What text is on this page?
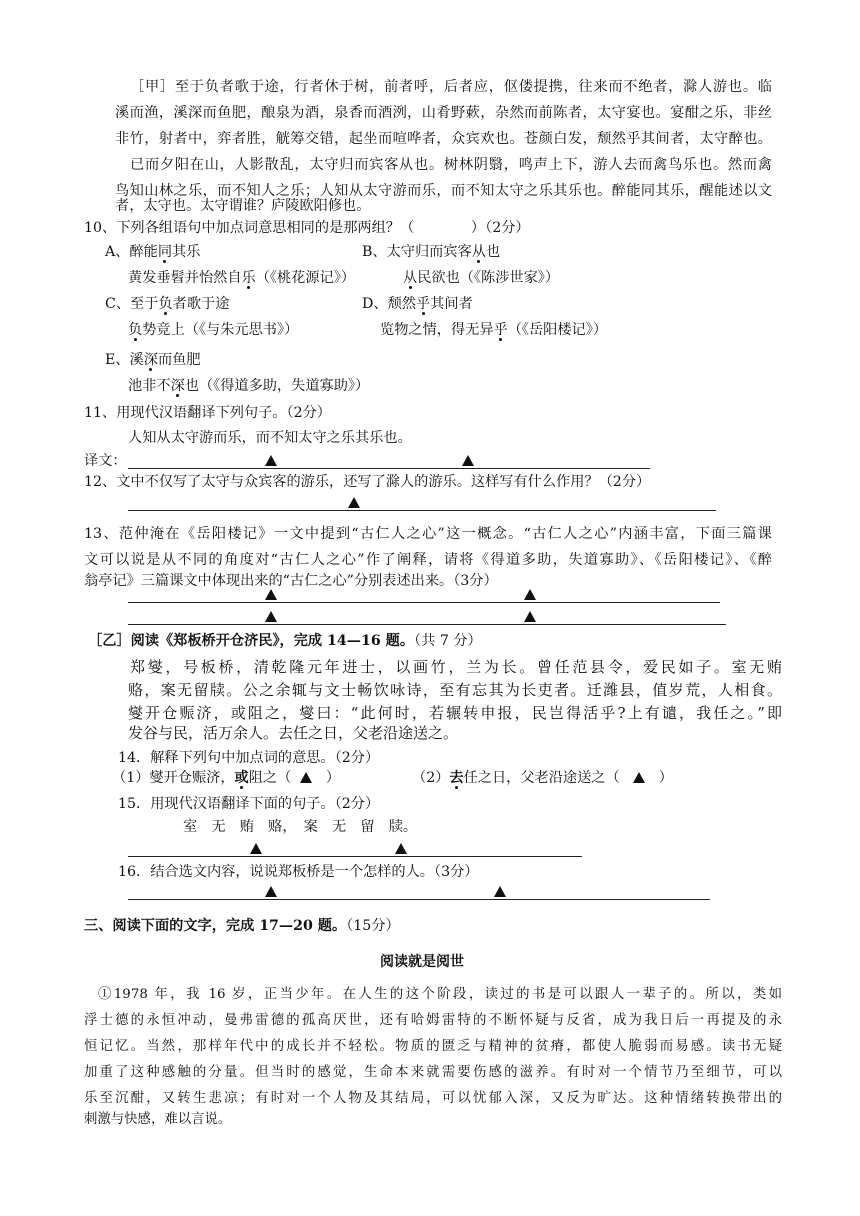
［甲］至于负者歌于途，行者休于树，前者呼，后者应，伛偻提携，往来而不绝者，滁人游也。临
溪而渔，溪深而鱼肥，酿泉为酒，泉香而酒洌，山肴野蔌，杂然而前陈者，太守宴也。宴酣之乐，非丝
非竹，射者中，弈者胜，觥筹交错，起坐而喧哗者，众宾欢也。苍颜白发，颓然乎其间者，太守醉也。
已而夕阳在山，人影散乱，太守归而宾客从也。树林阴翳，鸣声上下，游人去而禽鸟乐也。然而禽
鸟知山林之乐，而不知人之乐；人知从太守游而乐，而不知太守之乐其乐也。醉能同其乐，醒能述以文
者，太守也。太守谓谁？庐陵欧阳修也。
10、下列各组语句中加点词意思相同的是那两组？（　　　　）（2分）
A、醉能同其乐	B、太守归而宾客从也
黄发垂髫并怡然自乐（《桃花源记》）	从民欲也（《陈涉世家》）
C、至于负者歌于途	D、颓然乎其间者
负势竞上（《与朱元思书》）	览物之情，得无异乎（《岳阳楼记》）
E、溪深而鱼肥
池非不深也（《得道多助，失道寡助》）
11、用现代汉语翻译下列句子。（2分）
人知从太守游而乐，而不知太守之乐其乐也。
译文：
12、文中不仅写了太守与众宾客的游乐，还写了滁人的游乐。这样写有什么作用？（2分）
13、范仲淹在《岳阳楼记》一文中提到“古仁人之心”这一概念。“古仁人之心”内涵丰富，下面三篇课
文可以说是从不同的角度对“古仁人之心”作了阐释，请将《得道多助，失道寡助》、《岳阳楼记》、《醉
翁亭记》三篇课文中体现出来的“古仁之心”分别表述出来。（3分）
［乙］阅读《郑板桥开仓济民》，完成 14—16 题。（共 7 分）
郑燮，号板桥，清乾隆元年进士，以画竹，兰为长。曾任范县令，爱民如子。室无贿
赂，案无留牍。公之余辄与文士畅饮咏诗，至有忘其为长吏者。迁潍县，值岁荒，人相食。
燮开仓赈济，或阻之，燮曰：“此何时，若辗转申报，民岂得活乎?上有谴，我任之。”即
发谷与民，活万余人。去任之日，父老沿途送之。
14．解释下列句中加点词的意思。（2分）
（1）燮开仓赈济，或阻之（     ）	（2）去任之日，父老沿途送之（      ）
15．用现代汉语翻译下面的句子。（2分）
室　无　贿　赂，　案　无　留　牍。
16．结合选文内容，说说郑板桥是一个怎样的人。（3分）
三、阅读下面的文字，完成 17—20 题。（15分）
阅读就是阅世
①1978 年，我 16 岁，正当少年。在人生的这个阶段，读过的书是可以跟人一辈子的。所以，类如
浮士德的永恒冲动，曼弗雷德的孤高厌世，还有哈姆雷特的不断怀疑与反省，成为我日后一再提及的永
恒记忆。当然，那样年代中的成长并不轻松。物质的匮乏与精神的贫瘠，都使人脆弱而易感。读书无疑
加重了这种感触的分量。但当时的感觉，生命本来就需要伤感的滋养。有时对一个情节乃至细节，可以
乐至沉酣，又转生悲凉；有时对一个人物及其结局，可以忧郁入深，又反为旷达。这种情绪转换带出的
刺激与快感，难以言说。
